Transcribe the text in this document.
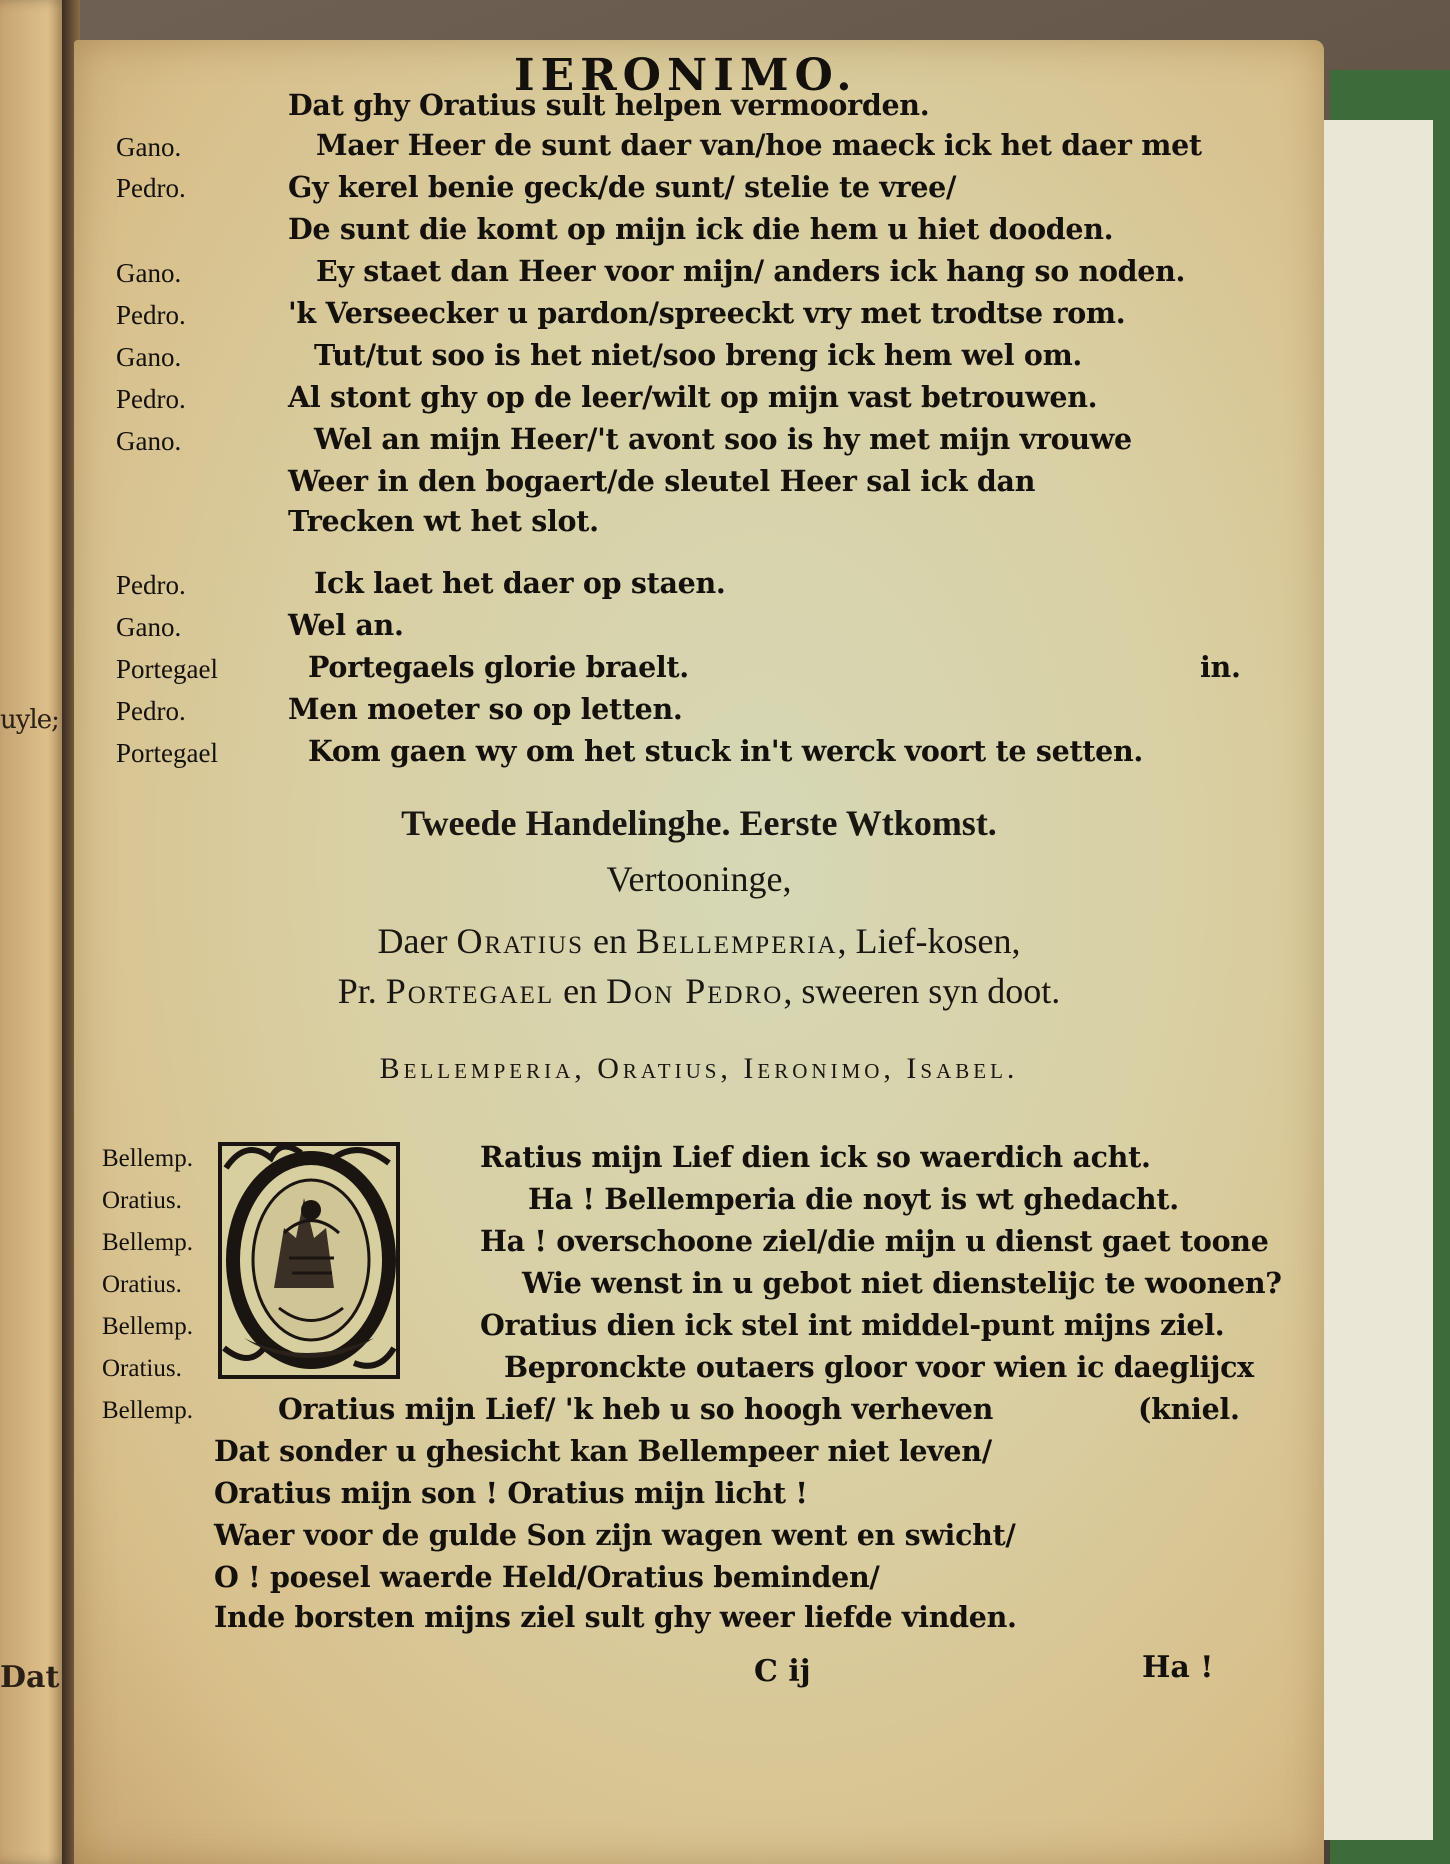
uyle;
Dat
IERONIMO.
Dat ghy Oratius sult helpen vermoorden.
Gano.	Maer Heer de sunt daer van/hoe maeck ick het daer met
Pedro.	Gy kerel benie geck/de sunt/ stelie te vree/
De sunt die komt op mijn ick die hem u hiet dooden.
Gano.	Ey staet dan Heer voor mijn/ anders ick hang so noden.
Pedro.	'k Verseecker u pardon/spreeckt vry met trodtse rom.
Gano.	Tut/tut soo is het niet/soo breng ick hem wel om.
Pedro.	Al stont ghy op de leer/wilt op mijn vast betrouwen.
Gano.	Wel an mijn Heer/'t avont soo is hy met mijn vrouwe
Weer in den bogaert/de sleutel Heer sal ick dan
Trecken wt het slot.
Pedro.	Ick laet het daer op staen.
Gano.	Wel an.
Portegael	Portegaels glorie braelt.	in.
Pedro.	Men moeter so op letten.
Portegael	Kom gaen wy om het stuck in't werck voort te setten.
Tweede Handelinghe. Eerste Wtkomst.
Vertooninge,
Daer Oratius en Bellemperia, Lief-kosen,
Pr. Portegael en Don Pedro, sweeren syn doot.
Bellemperia, Oratius, Ieronimo, Isabel.
Bellemp.	Ratius mijn Lief dien ick so waerdich acht.
Oratius.	Ha ! Bellemperia die noyt is wt ghedacht.
Bellemp.	Ha ! overschoone ziel/die mijn u dienst gaet toone
Oratius.	Wie wenst in u gebot niet dienstelijc te woonen?
Bellemp.	Oratius dien ick stel int middel-punt mijns ziel.
Oratius.	Bepronckte outaers gloor voor wien ic daeglijcx
Bellemp.	Oratius mijn Lief/ 'k heb u so hoogh verheven	(kniel.
Dat sonder u ghesicht kan Bellempeer niet leven/
Oratius mijn son ! Oratius mijn licht !
Waer voor de gulde Son zijn wagen went en swicht/
O ! poesel waerde Held/Oratius beminden/
Inde borsten mijns ziel sult ghy weer liefde vinden.
C ij	Ha !
